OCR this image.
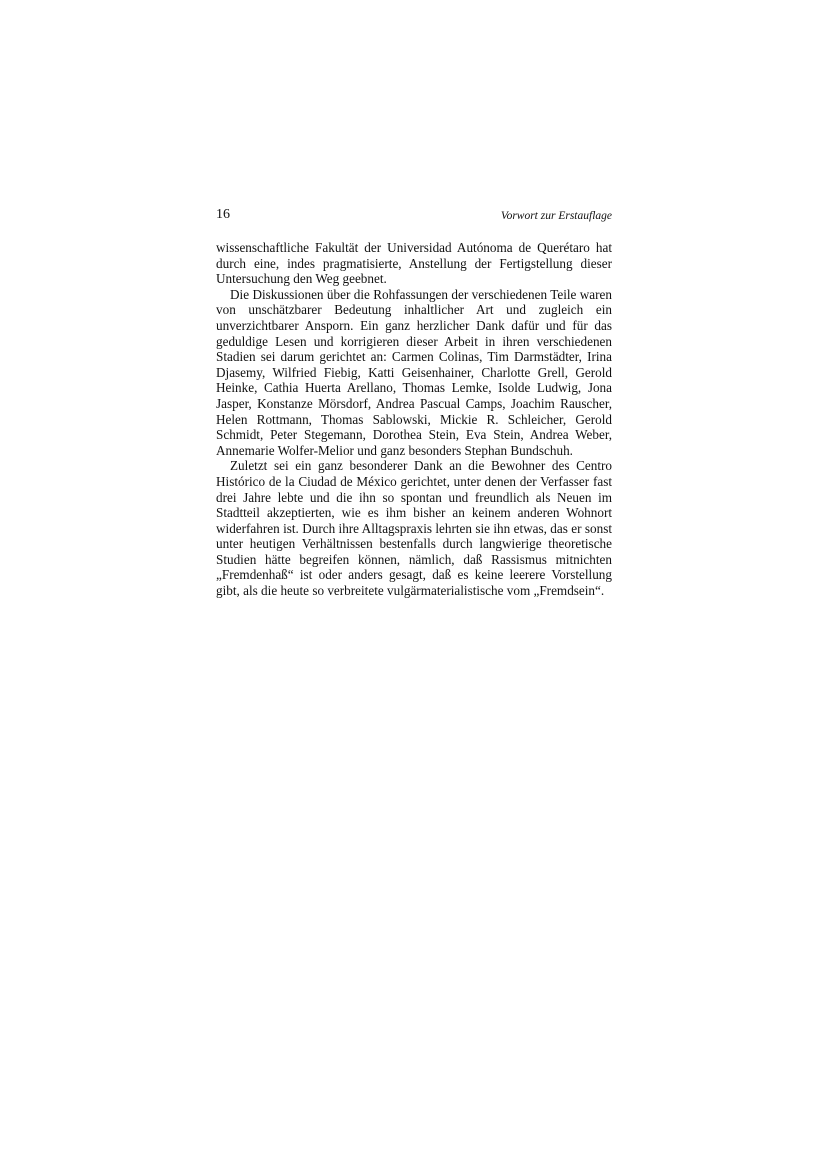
16	Vorwort zur Erstauflage

wissenschaftliche Fakultät der Universidad Autónoma de Querétaro hat durch eine, indes pragmatisierte, Anstellung der Fertigstellung dieser Untersuchung den Weg geebnet.

Die Diskussionen über die Rohfassungen der verschiedenen Teile waren von unschätzbarer Bedeutung inhaltlicher Art und zugleich ein unverzichtbarer Ansporn. Ein ganz herzlicher Dank dafür und für das geduldige Lesen und korrigieren dieser Arbeit in ihren verschiedenen Stadien sei darum gerichtet an: Carmen Colinas, Tim Darmstädter, Irina Djasemy, Wilfried Fiebig, Katti Geisenhainer, Charlotte Grell, Gerold Heinke, Cathia Huerta Arellano, Thomas Lemke, Isolde Ludwig, Jona Jasper, Konstanze Mörsdorf, Andrea Pascual Camps, Joachim Rauscher, Helen Rottmann, Thomas Sablowski, Mickie R. Schleicher, Gerold Schmidt, Peter Stegemann, Dorothea Stein, Eva Stein, Andrea Weber, Annemarie Wolfer-Melior und ganz besonders Stephan Bundschuh.

Zuletzt sei ein ganz besonderer Dank an die Bewohner des Centro Histórico de la Ciudad de México gerichtet, unter denen der Verfasser fast drei Jahre lebte und die ihn so spontan und freundlich als Neuen im Stadtteil akzeptierten, wie es ihm bisher an keinem anderen Wohnort widerfahren ist. Durch ihre Alltagspraxis lehrten sie ihn etwas, das er sonst unter heutigen Verhältnissen bestenfalls durch langwierige theoretische Studien hätte begreifen können, nämlich, daß Rassismus mitnichten „Fremdenhaß“ ist oder anders gesagt, daß es keine leerere Vorstellung gibt, als die heute so verbreitete vulgärmaterialistische vom „Fremdsein“.
